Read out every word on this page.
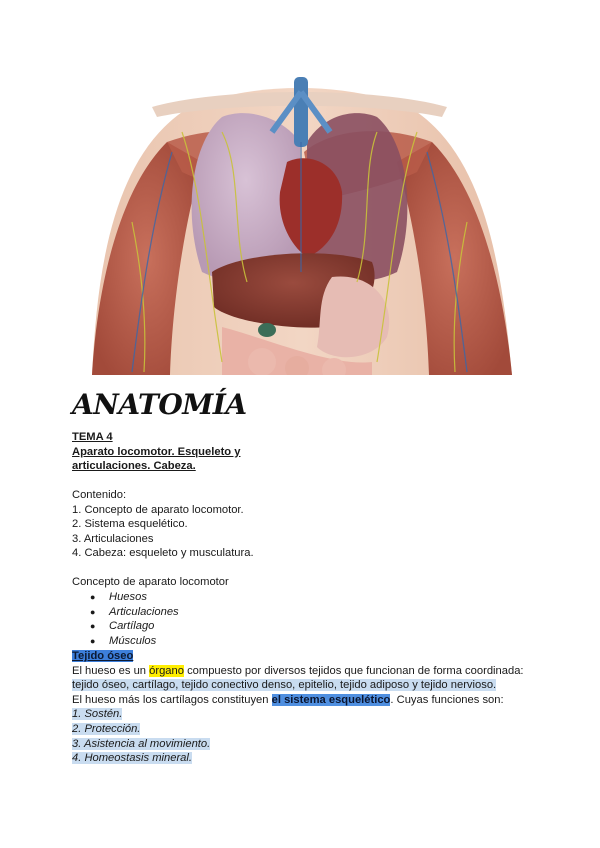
ANATOMÍA
TEMA 4
Aparato locomotor. Esqueleto y
articulaciones. Cabeza.
Contenido:
1. Concepto de aparato locomotor.
2. Sistema esquelético.
3. Articulaciones
4. Cabeza: esqueleto y musculatura.
Concepto de aparato locomotor
●	Huesos
●	Articulaciones
●	Cartílago
●	Músculos
Tejido óseo
El hueso es un órgano compuesto por diversos tejidos que funcionan de forma coordinada:
tejido óseo, cartílago, tejido conectivo denso, epitelio, tejido adiposo y tejido nervioso.
El hueso más los cartílagos constituyen el sistema esquelético. Cuyas funciones son:
1. Sostén.
2. Protección.
3. Asistencia al movimiento.
4. Homeostasis mineral.
